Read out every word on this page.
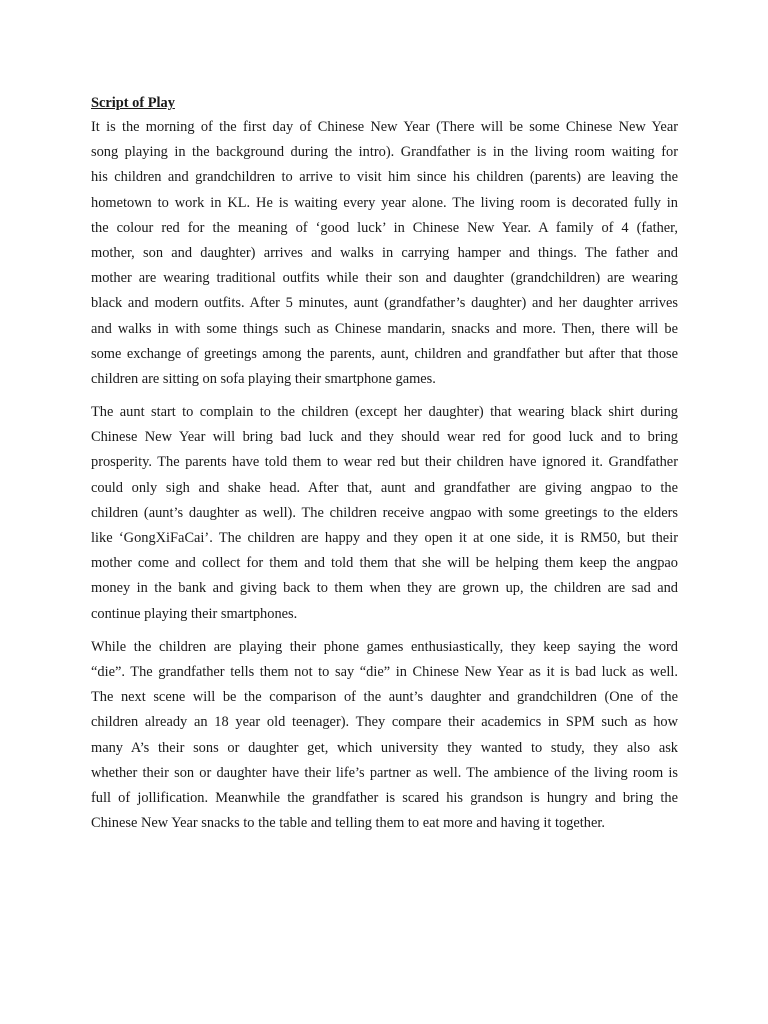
Script of Play
It is the morning of the first day of Chinese New Year (There will be some Chinese New Year
song playing in the background during the intro). Grandfather is in the living room waiting for
his children and grandchildren to arrive to visit him since his children (parents) are leaving the
hometown to work in KL. He is waiting every year alone. The living room is decorated fully in
the colour red for the meaning of ‘good luck’ in Chinese New Year. A family of 4 (father,
mother, son and daughter) arrives and walks in carrying hamper and things. The father and
mother are wearing traditional outfits while their son and daughter (grandchildren) are wearing
black and modern outfits. After 5 minutes, aunt (grandfather’s daughter) and her daughter arrives
and walks in with some things such as Chinese mandarin, snacks and more. Then, there will be
some exchange of greetings among the parents, aunt, children and grandfather but after that those
children are sitting on sofa playing their smartphone games.
The aunt start to complain to the children (except her daughter) that wearing black shirt during
Chinese New Year will bring bad luck and they should wear red for good luck and to bring
prosperity. The parents have told them to wear red but their children have ignored it. Grandfather
could only sigh and shake head. After that, aunt and grandfather are giving angpao to the
children (aunt’s daughter as well). The children receive angpao with some greetings to the elders
like ‘GongXiFaCai’. The children are happy and they open it at one side, it is RM50, but their
mother come and collect for them and told them that she will be helping them keep the angpao
money in the bank and giving back to them when they are grown up, the children are sad and
continue playing their smartphones.
While the children are playing their phone games enthusiastically, they keep saying the word
“die”. The grandfather tells them not to say “die” in Chinese New Year as it is bad luck as well.
The next scene will be the comparison of the aunt’s daughter and grandchildren (One of the
children already an 18 year old teenager). They compare their academics in SPM such as how
many A’s their sons or daughter get, which university they wanted to study, they also ask
whether their son or daughter have their life’s partner as well. The ambience of the living room is
full of jollification. Meanwhile the grandfather is scared his grandson is hungry and bring the
Chinese New Year snacks to the table and telling them to eat more and having it together.
